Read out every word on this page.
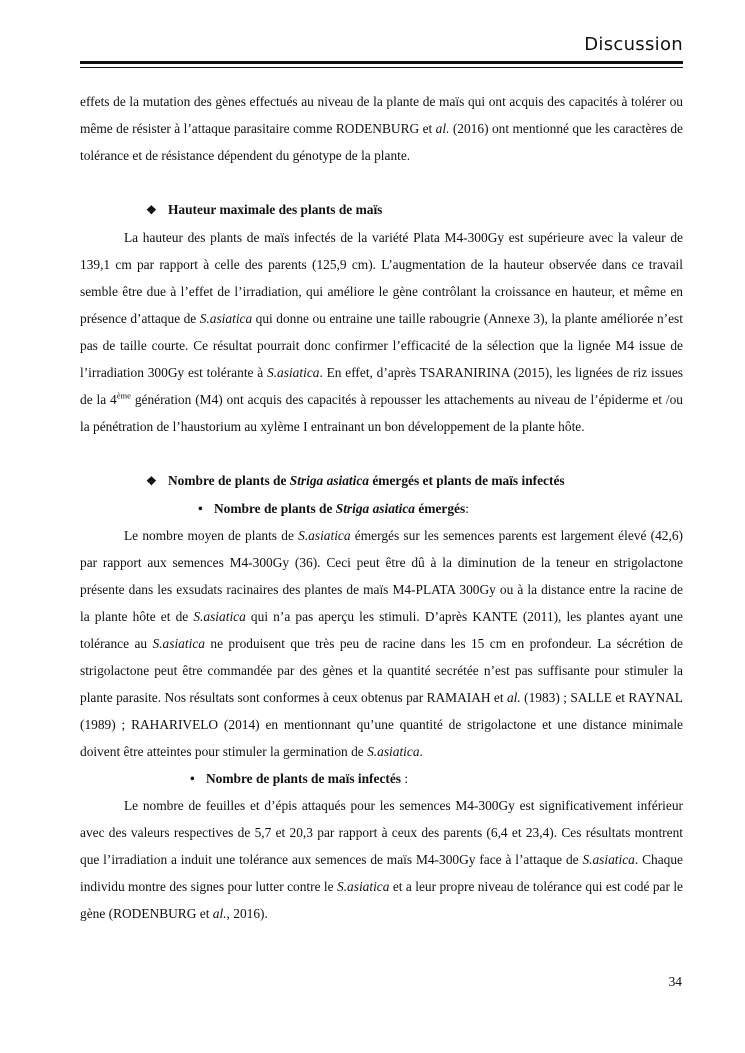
Discussion

effets de la mutation des gènes effectués au niveau de la plante de maïs qui ont acquis des capacités à tolérer ou même de résister à l’attaque parasitaire comme RODENBURG et al. (2016) ont mentionné que les caractères de tolérance et de résistance dépendent du génotype de la plante.

❖ Hauteur maximale des plants de maïs

La hauteur des plants de maïs infectés de la variété Plata M4-300Gy est supérieure avec la valeur de 139,1 cm par rapport à celle des parents (125,9 cm). L’augmentation de la hauteur observée dans ce travail semble être due à l’effet de l’irradiation, qui améliore le gène contrôlant la croissance en hauteur, et même en présence d’attaque de S.asiatica qui donne ou entraine une taille rabougrie (Annexe 3), la plante améliorée n’est pas de taille courte. Ce résultat pourrait donc confirmer l’efficacité de la sélection que la lignée M4 issue de l’irradiation 300Gy est tolérante à S.asiatica. En effet, d’après TSARANIRINA (2015), les lignées de riz issues de la 4ème génération (M4) ont acquis des capacités à repousser les attachements au niveau de l’épiderme et /ou la pénétration de l’haustorium au xylème I entrainant un bon développement de la plante hôte.

❖ Nombre de plants de Striga asiatica émergés et plants de maïs infectés

• Nombre de plants de Striga asiatica émergés:

Le nombre moyen de plants de S.asiatica émergés sur les semences parents est largement élevé (42,6) par rapport aux semences M4-300Gy (36). Ceci peut être dû à la diminution de la teneur en strigolactone présente dans les exsudats racinaires des plantes de maïs M4-PLATA 300Gy ou à la distance entre la racine de la plante hôte et de S.asiatica qui n’a pas aperçu les stimuli. D’après KANTE (2011), les plantes ayant une tolérance au S.asiatica ne produisent que très peu de racine dans les 15 cm en profondeur. La sécrétion de strigolactone peut être commandée par des gènes et la quantité secrétée n’est pas suffisante pour stimuler la plante parasite. Nos résultats sont conformes à ceux obtenus par RAMAIAH et al. (1983) ; SALLE et RAYNAL (1989) ; RAHARIVELO (2014) en mentionnant qu’une quantité de strigolactone et une distance minimale doivent être atteintes pour stimuler la germination de S.asiatica.

• Nombre de plants de maïs infectés :

Le nombre de feuilles et d’épis attaqués pour les semences M4-300Gy est significativement inférieur avec des valeurs respectives de 5,7 et 20,3 par rapport à ceux des parents (6,4 et 23,4). Ces résultats montrent que l’irradiation a induit une tolérance aux semences de maïs M4-300Gy face à l’attaque de S.asiatica. Chaque individu montre des signes pour lutter contre le S.asiatica et a leur propre niveau de tolérance qui est codé par le gène (RODENBURG et al., 2016).

34
